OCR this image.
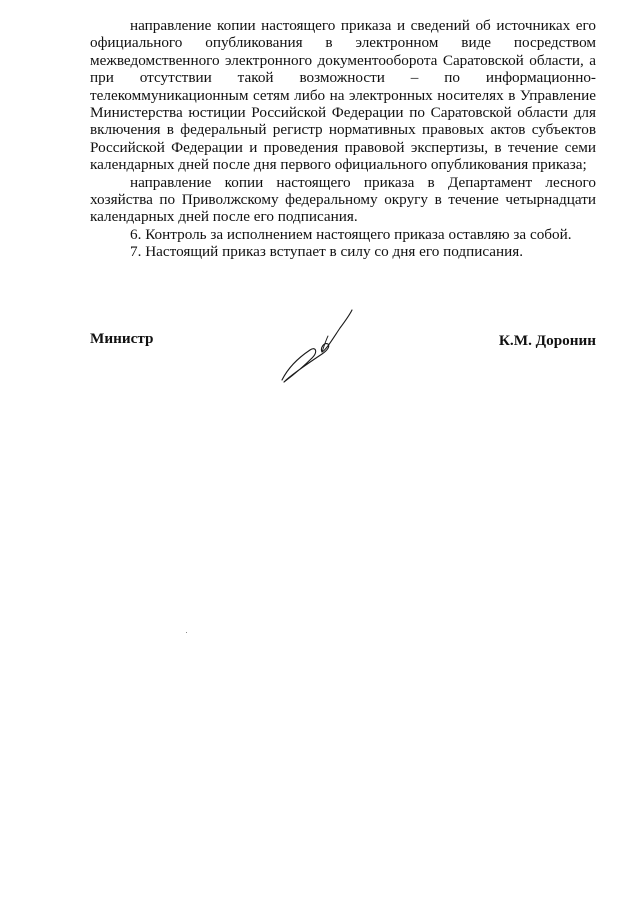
направление копии настоящего приказа и сведений об источниках его официального опубликования в электронном виде посредством межведомственного электронного документооборота Саратовской области, а при отсутствии такой возможности – по информационно-телекоммуникационным сетям либо на электронных носителях в Управление Министерства юстиции Российской Федерации по Саратовской области для включения в федеральный регистр нормативных правовых актов субъектов Российской Федерации и проведения правовой экспертизы, в течение семи календарных дней после дня первого официального опубликования приказа;

направление копии настоящего приказа в Департамент лесного хозяйства по Приволжскому федеральному округу в течение четырнадцати календарных дней после его подписания.

6. Контроль за исполнением настоящего приказа оставляю за собой.

7. Настоящий приказ вступает в силу со дня его подписания.

Министр	К.М. Доронин
